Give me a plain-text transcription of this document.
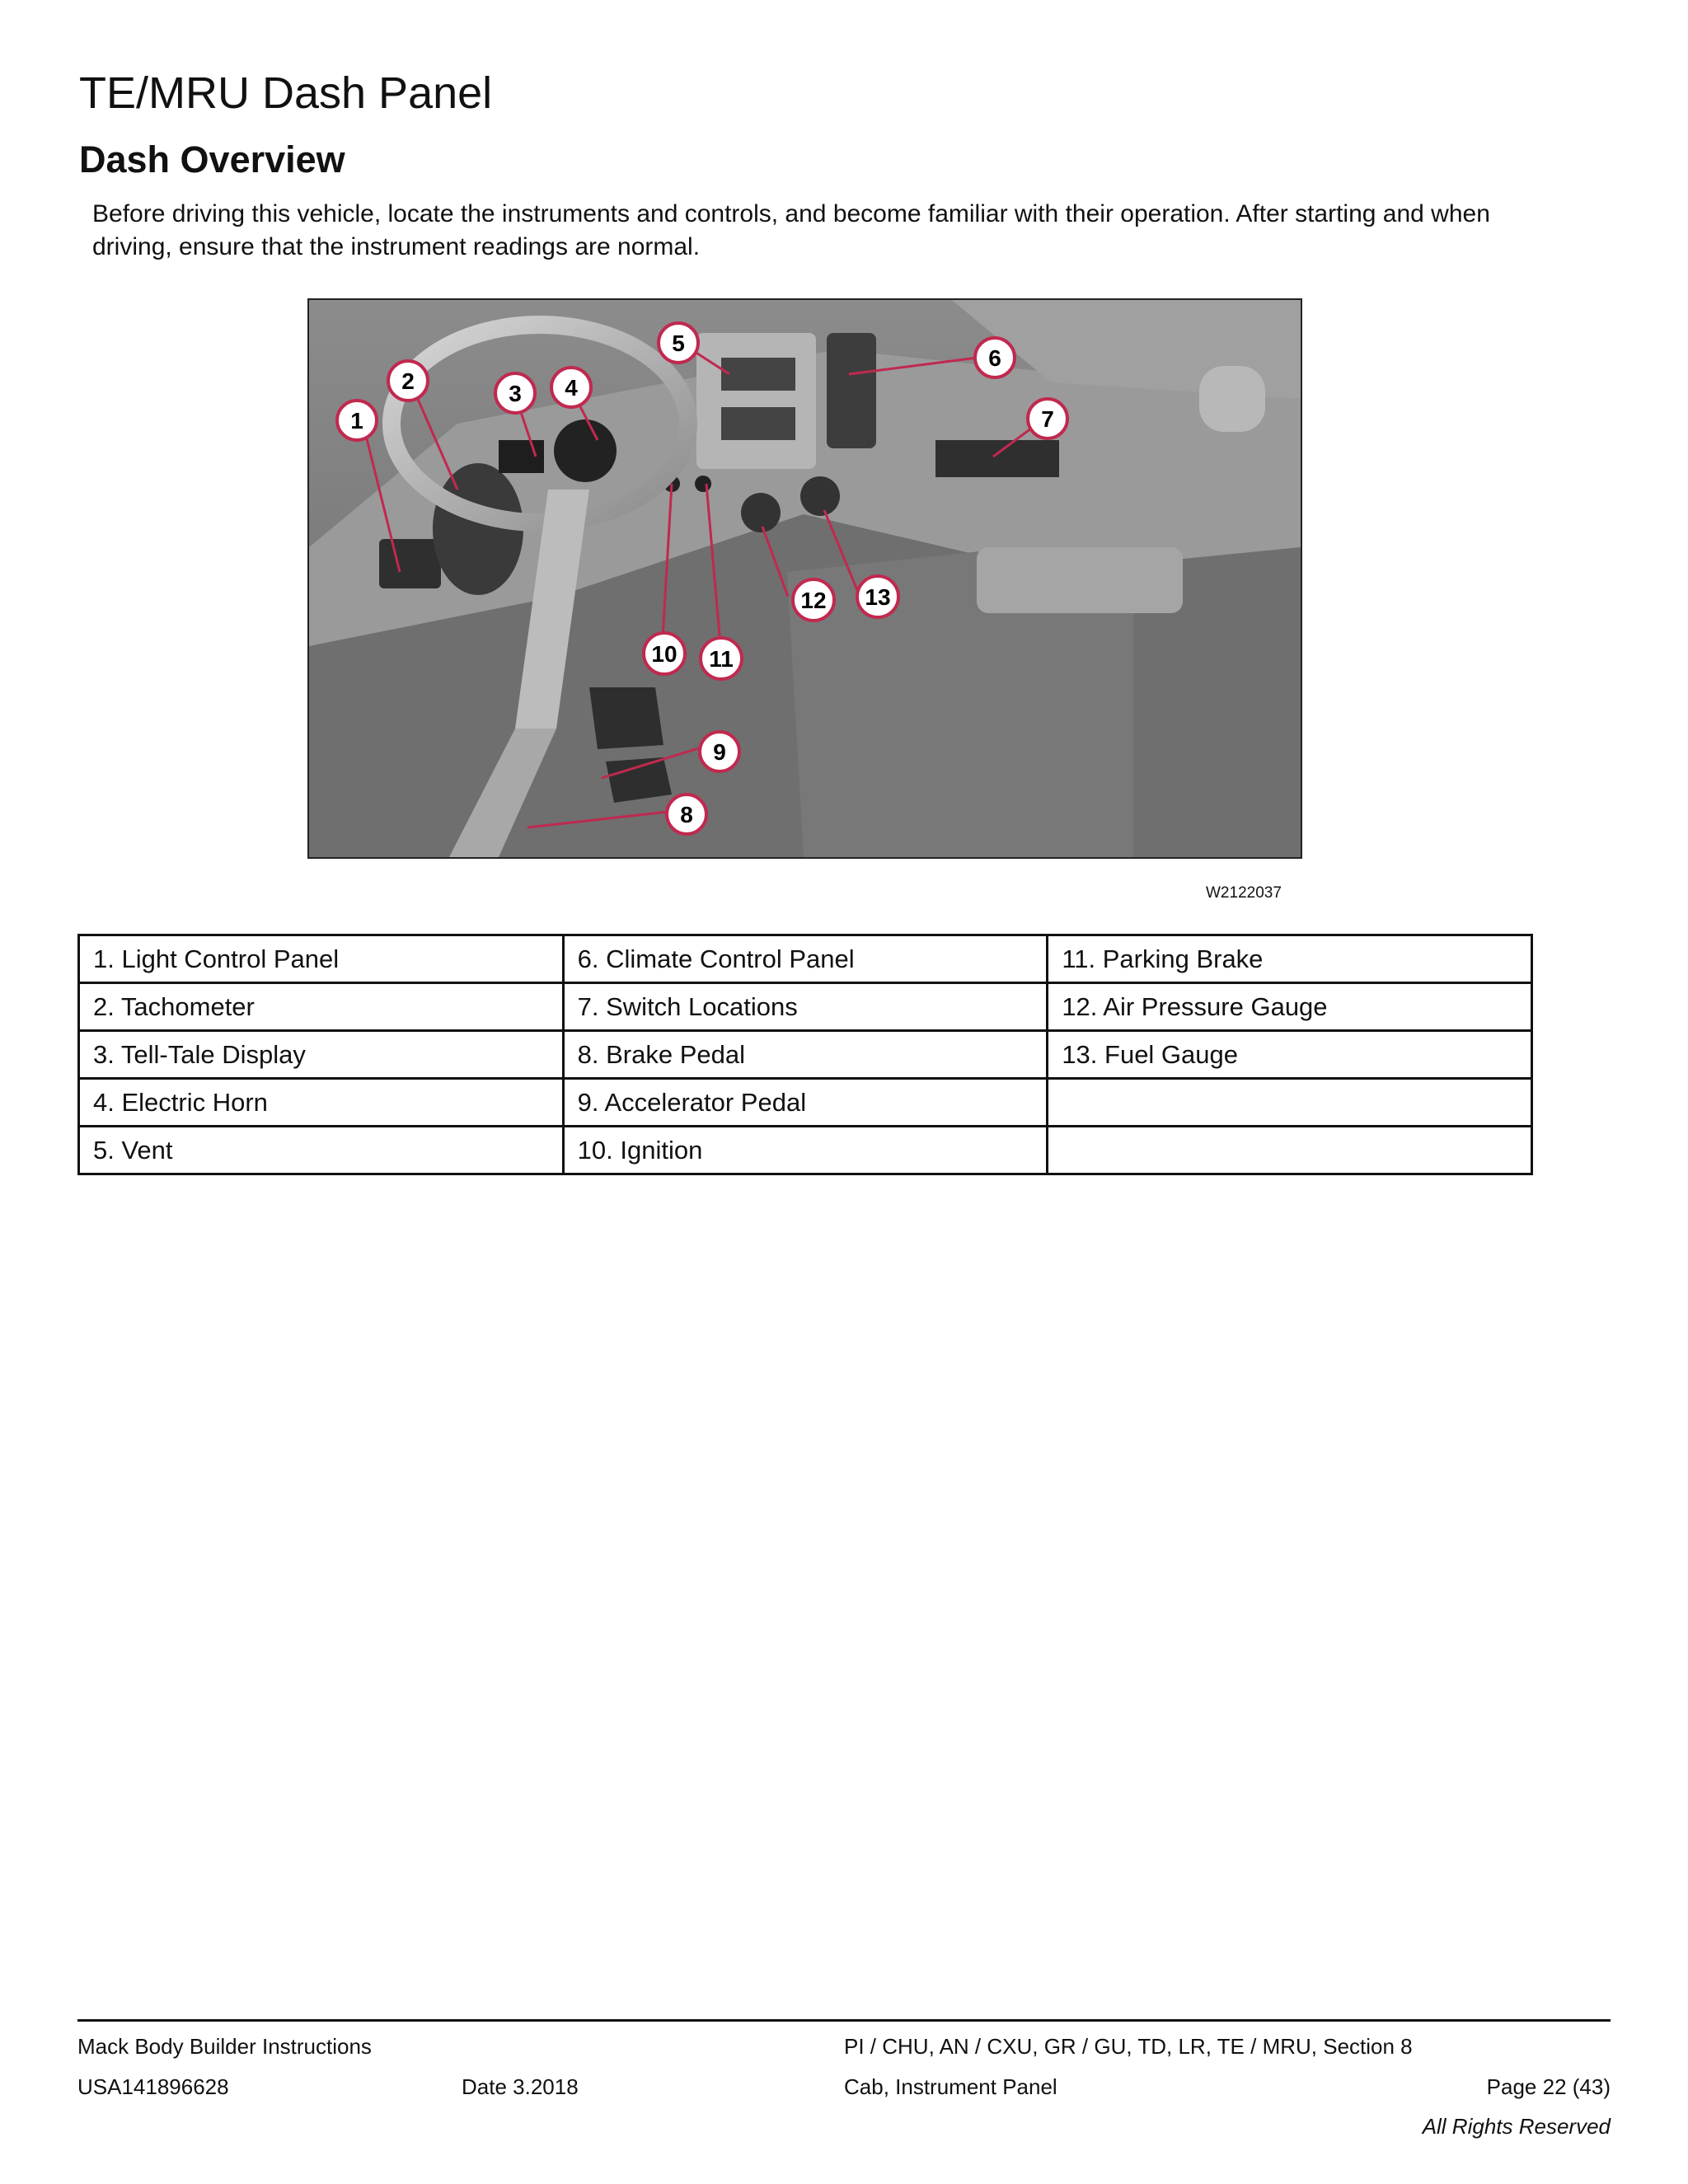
TE/MRU Dash Panel
Dash Overview

Before driving this vehicle, locate the instruments and controls, and become familiar with their operation. After starting and when driving, ensure that the instrument readings are normal.

1
2	3 4
5
6
7
8
9
10 11
12 13
W2122037
1. Light Control Panel	6. Climate Control Panel	11. Parking Brake
2. Tachometer	7. Switch Locations	12. Air Pressure Gauge
3. Tell-Tale Display	8. Brake Pedal	13. Fuel Gauge
4. Electric Horn	9. Accelerator Pedal	
5. Vent	10. Ignition	
Mack Body Builder Instructions	PI / CHU, AN / CXU, GR / GU, TD, LR, TE / MRU, Section 8
USA141896628	Date 3.2018	Cab, Instrument Panel	Page 22 (43)
All Rights Reserved
